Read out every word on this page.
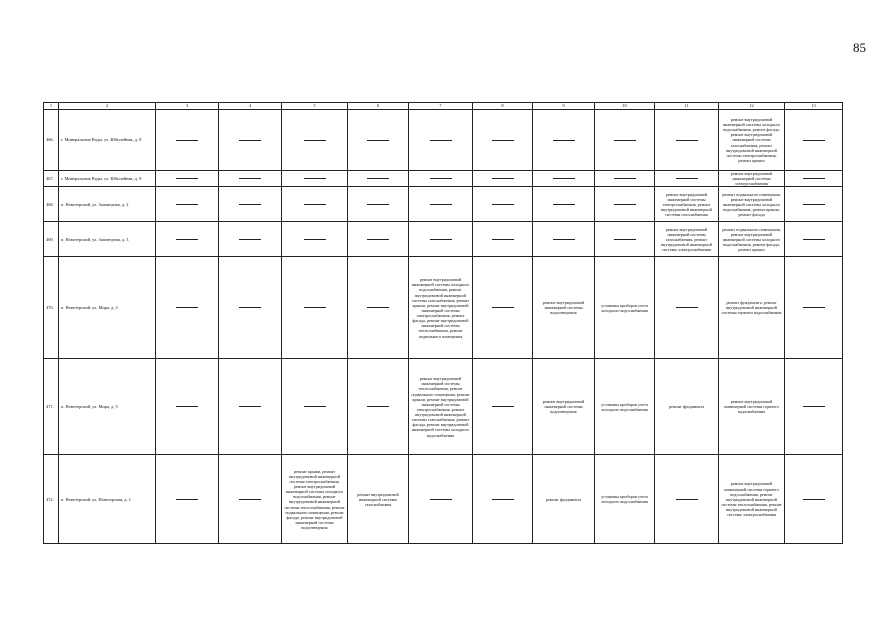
85
1	2	3	4	5	6	7	8	9	10	11	12	13
466.	г. Минеральные Воды, ул. Юбилейная, д. 8										ремонт внутридомовой инженерной системы холодного водоснабжения, ремонт фасада, ремонт внутридомовой инженерной системы газоснабжения, ремонт внутридомовой инженерной системы электроснабжения, ремонт крыши	

467.	г. Минеральные Воды, ул. Юбилейная, д. 9										ремонт внутридомовой инженерной системы электроснабжения	

468.	п. Новотерский, ул. Заповедная, д. 2									ремонт внутридомовой инженерной системы электроснабжения, ремонт внутридомовой инженерной системы газоснабжения	ремонт подвального помещения, ремонт внутридомовой инженерной системы холодного водоснабжения, ремонт крыши, ремонт фасада	

469.	п. Новотерский, ул. Заповедная, д. 3									ремонт внутридомовой инженерной системы газоснабжения, ремонт внутридомовой инженерной системы электроснабжения	ремонт подвального помещения, ремонт внутридомовой инженерной системы холодного водоснабжения, ремонт фасада, ремонт крыши	

470.	п. Новотерский, ул. Мира, д. 3					ремонт внутридомовой инженерной системы холодного водоснабжения, ремонт внутридомовой инженерной системы газоснабжения, ремонт крыши, ремонт внутридомовой инженерной системы электроснабжения, ремонт фасада, ремонт внутридомовой инженерной системы теплоснабжения, ремонт подвального помещения		ремонт внутридомовой инженерной системы водоотведения	установка приборов учета холодного водоснабжения		ремонт фундамента, ремонт внутридомовой инженерной системы горячего водоснабжения	

471.	п. Новотерский, ул. Мира, д. 5					ремонт внутридомовой инженерной системы теплоснабжения, ремонт подвального помещения, ремонт крыши, ремонт внутридомовой инженерной системы электроснабжения, ремонт внутридомовой инженерной системы газоснабжения, ремонт фасада, ремонт внутридомовой инженерной системы холодного водоснабжения		ремонт внутридомовой инженерной системы водоотведения	установка приборов учета холодного водоснабжения	ремонт фундамента	ремонт внутридомовой инженерной системы горячего водоснабжения	

472.	п. Новотерский, ул. Новотерская, д. 1			ремонт крыши, ремонт внутридомовой инженерной системы электроснабжения, ремонт внутридомовой инженерной системы холодного водоснабжения, ремонт внутридомовой инженерной системы теплоснабжения, ремонт подвального помещения, ремонт фасада, ремонт внутридомовой инженерной системы водоотведения	ремонт внутридомовой инженерной системы газоснабжения			ремонт фундамента	установка приборов учета холодного водоснабжения		ремонт внутридомовой инженерной системы горячего водоснабжения, ремонт внутридомовой инженерной системы теплоснабжения, ремонт внутридомовой инженерной системы электроснабжения	
